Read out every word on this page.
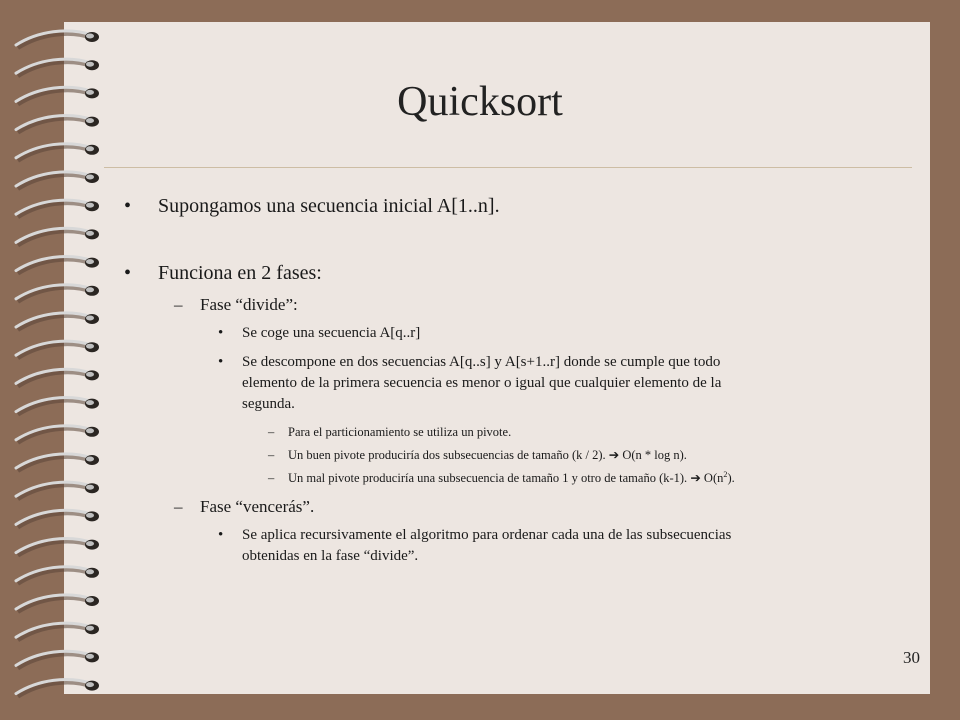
Quicksort
• Supongamos una secuencia inicial A[1..n].
• Funciona en 2 fases:
– Fase “divide”:
• Se coge una secuencia A[q..r]
• Se descompone en dos secuencias A[q..s] y A[s+1..r] donde se cumple que todo
elemento de la primera secuencia es menor o igual que cualquier elemento de la
segunda.
– Para el particionamiento se utiliza un pivote.
– Un buen pivote produciría dos subsecuencias de tamaño (k / 2). ➔ O(n * log n).
– Un mal pivote produciría una subsecuencia de tamaño 1 y otro de tamaño (k-1). ➔ $O(n^2)$.
– Fase “vencerás”.
• Se aplica recursivamente el algoritmo para ordenar cada una de las subsecuencias
obtenidas en la fase “divide”.
30
